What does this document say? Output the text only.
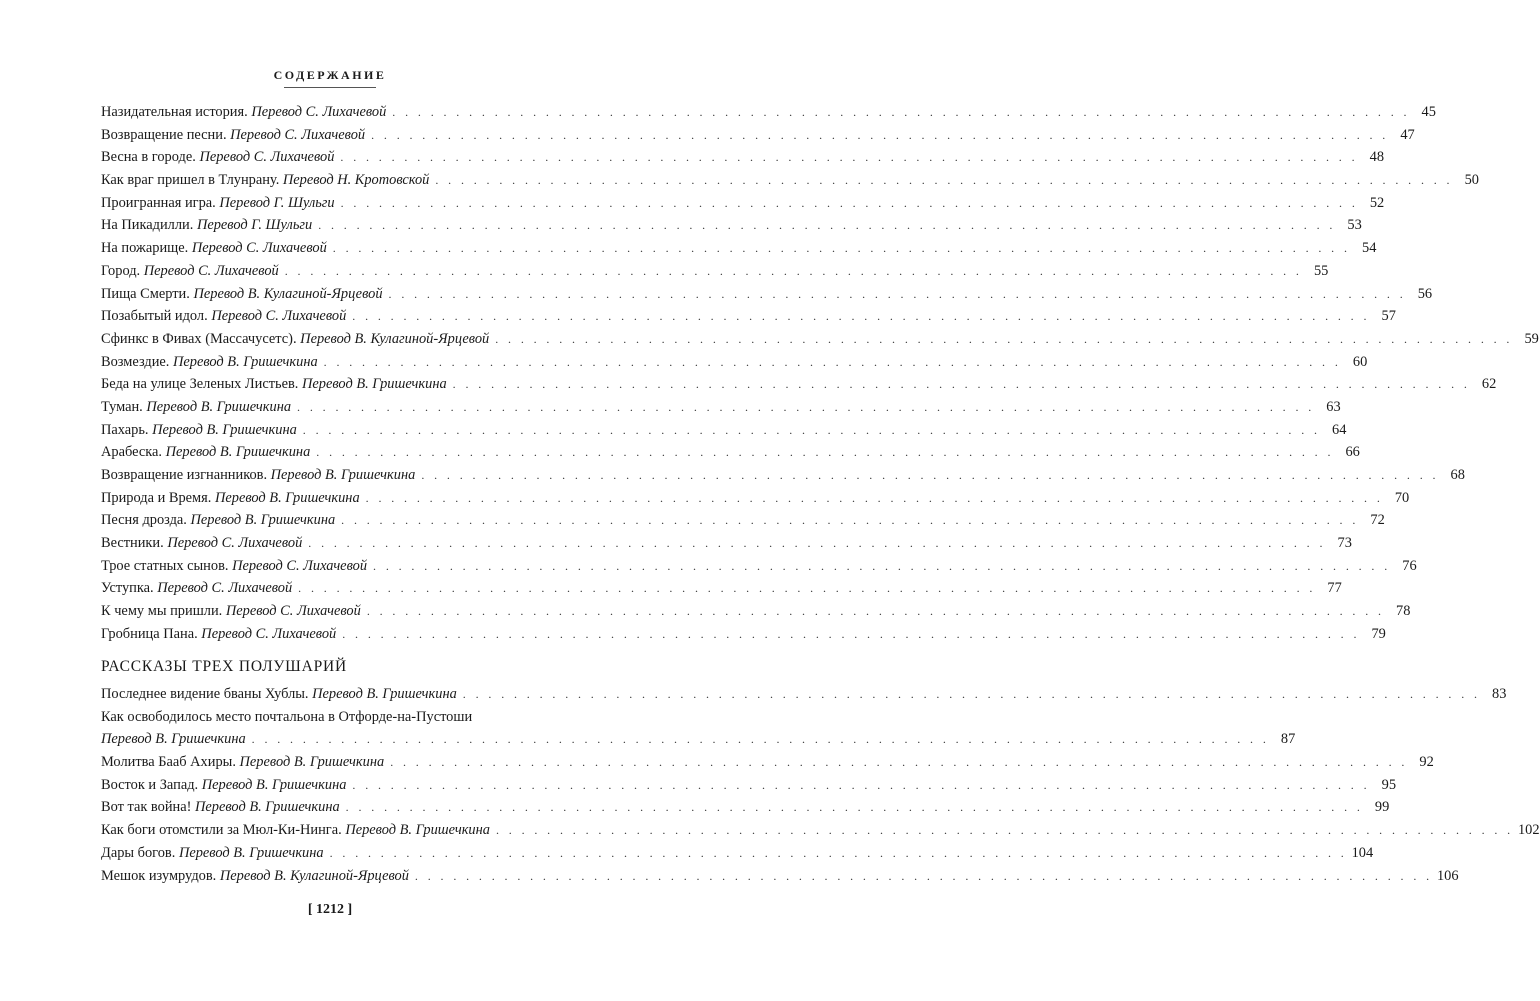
СОДЕРЖАНИЕ
Назидательная история. Перевод С. Лихачевой . . . . . . . . . . . . . . . . . . . . . . . . . . . . . . . . . . . . . . . . . . . . . . . . . . . . . . . . . . . . . . . . . . . . . . . . . . . . . . . . 45
Возвращение песни. Перевод С. Лихачевой . . . . . . . . . . . . . . . . . . . . . . . . . . . . . . . . . . . . . . . . . . . . . . . . . . . . . . . . . . . . . . . . . . . . . . . . . . . . . . . . 47
Весна в городе. Перевод С. Лихачевой . . . . . . . . . . . . . . . . . . . . . . . . . . . . . . . . . . . . . . . . . . . . . . . . . . . . . . . . . . . . . . . . . . . . . . . . . . . . . . . . 48
Как враг пришел в Тлунрану. Перевод Н. Кротовской . . . . . . . . . . . . . . . . . . . . . . . . . . . . . . . . . . . . . . . . . . . . . . . . . . . . . . . . . . . . . . . . . . . . . . . . . . . . . . . . 50
Проигранная игра. Перевод Г. Шульги . . . . . . . . . . . . . . . . . . . . . . . . . . . . . . . . . . . . . . . . . . . . . . . . . . . . . . . . . . . . . . . . . . . . . . . . . . . . . . . . 52
На Пикадилли. Перевод Г. Шульги . . . . . . . . . . . . . . . . . . . . . . . . . . . . . . . . . . . . . . . . . . . . . . . . . . . . . . . . . . . . . . . . . . . . . . . . . . . . . . . . 53
На пожарище. Перевод С. Лихачевой . . . . . . . . . . . . . . . . . . . . . . . . . . . . . . . . . . . . . . . . . . . . . . . . . . . . . . . . . . . . . . . . . . . . . . . . . . . . . . . . 54
Город. Перевод С. Лихачевой . . . . . . . . . . . . . . . . . . . . . . . . . . . . . . . . . . . . . . . . . . . . . . . . . . . . . . . . . . . . . . . . . . . . . . . . . . . . . . . . 55
Пища Смерти. Перевод В. Кулагиной-Ярцевой . . . . . . . . . . . . . . . . . . . . . . . . . . . . . . . . . . . . . . . . . . . . . . . . . . . . . . . . . . . . . . . . . . . . . . . . . . . . . . . . 56
Позабытый идол. Перевод С. Лихачевой . . . . . . . . . . . . . . . . . . . . . . . . . . . . . . . . . . . . . . . . . . . . . . . . . . . . . . . . . . . . . . . . . . . . . . . . . . . . . . . . 57
Сфинкс в Фивах (Массачусетс). Перевод В. Кулагиной-Ярцевой . . . . . . . . . . . . . . . . . . . . . . . . . . . . . . . . . . . . . . . . . . . . . . . . . . . . . . . . . . . . . . . . . . . . . . . . . . . . . . . . 59
Возмездие. Перевод В. Гришечкина . . . . . . . . . . . . . . . . . . . . . . . . . . . . . . . . . . . . . . . . . . . . . . . . . . . . . . . . . . . . . . . . . . . . . . . . . . . . . . . . 60
Беда на улице Зеленых Листьев. Перевод В. Гришечкина . . . . . . . . . . . . . . . . . . . . . . . . . . . . . . . . . . . . . . . . . . . . . . . . . . . . . . . . . . . . . . . . . . . . . . . . . . . . . . . . 62
Туман. Перевод В. Гришечкина . . . . . . . . . . . . . . . . . . . . . . . . . . . . . . . . . . . . . . . . . . . . . . . . . . . . . . . . . . . . . . . . . . . . . . . . . . . . . . . . 63
Пахарь. Перевод В. Гришечкина . . . . . . . . . . . . . . . . . . . . . . . . . . . . . . . . . . . . . . . . . . . . . . . . . . . . . . . . . . . . . . . . . . . . . . . . . . . . . . . . 64
Арабеска. Перевод В. Гришечкина . . . . . . . . . . . . . . . . . . . . . . . . . . . . . . . . . . . . . . . . . . . . . . . . . . . . . . . . . . . . . . . . . . . . . . . . . . . . . . . . 66
Возвращение изгнанников. Перевод В. Гришечкина . . . . . . . . . . . . . . . . . . . . . . . . . . . . . . . . . . . . . . . . . . . . . . . . . . . . . . . . . . . . . . . . . . . . . . . . . . . . . . . . 68
Природа и Время. Перевод В. Гришечкина . . . . . . . . . . . . . . . . . . . . . . . . . . . . . . . . . . . . . . . . . . . . . . . . . . . . . . . . . . . . . . . . . . . . . . . . . . . . . . . . 70
Песня дрозда. Перевод В. Гришечкина . . . . . . . . . . . . . . . . . . . . . . . . . . . . . . . . . . . . . . . . . . . . . . . . . . . . . . . . . . . . . . . . . . . . . . . . . . . . . . . . 72
Вестники. Перевод С. Лихачевой . . . . . . . . . . . . . . . . . . . . . . . . . . . . . . . . . . . . . . . . . . . . . . . . . . . . . . . . . . . . . . . . . . . . . . . . . . . . . . . . 73
Трое статных сынов. Перевод С. Лихачевой . . . . . . . . . . . . . . . . . . . . . . . . . . . . . . . . . . . . . . . . . . . . . . . . . . . . . . . . . . . . . . . . . . . . . . . . . . . . . . . . 76
Уступка. Перевод С. Лихачевой . . . . . . . . . . . . . . . . . . . . . . . . . . . . . . . . . . . . . . . . . . . . . . . . . . . . . . . . . . . . . . . . . . . . . . . . . . . . . . . . 77
К чему мы пришли. Перевод С. Лихачевой . . . . . . . . . . . . . . . . . . . . . . . . . . . . . . . . . . . . . . . . . . . . . . . . . . . . . . . . . . . . . . . . . . . . . . . . . . . . . . . . 78
Гробница Пана. Перевод С. Лихачевой . . . . . . . . . . . . . . . . . . . . . . . . . . . . . . . . . . . . . . . . . . . . . . . . . . . . . . . . . . . . . . . . . . . . . . . . . . . . . . . . 79
РАССКАЗЫ ТРЕХ ПОЛУШАРИЙ
Последнее видение бваны Хублы. Перевод В. Гришечкина . . . . . . . . . . . . . . . . . . . . . . . . . . . . . . . . . . . . . . . . . . . . . . . . . . . . . . . . . . . . . . . . . . . . . . . . . . . . . . . . 83
Как освободилось место почтальона в Отфорде-на-Пустоши
Перевод В. Гришечкина . . . . . . . . . . . . . . . . . . . . . . . . . . . . . . . . . . . . . . . . . . . . . . . . . . . . . . . . . . . . . . . . . . . . . . . . . . . . . . . . 87
Молитва Бааб Ахиры. Перевод В. Гришечкина . . . . . . . . . . . . . . . . . . . . . . . . . . . . . . . . . . . . . . . . . . . . . . . . . . . . . . . . . . . . . . . . . . . . . . . . . . . . . . . . 92
Восток и Запад. Перевод В. Гришечкина . . . . . . . . . . . . . . . . . . . . . . . . . . . . . . . . . . . . . . . . . . . . . . . . . . . . . . . . . . . . . . . . . . . . . . . . . . . . . . . . 95
Вот так война! Перевод В. Гришечкина . . . . . . . . . . . . . . . . . . . . . . . . . . . . . . . . . . . . . . . . . . . . . . . . . . . . . . . . . . . . . . . . . . . . . . . . . . . . . . . . 99
Как боги отомстили за Мюл-Ки-Нинга. Перевод В. Гришечкина . . . . . . . . . . . . . . . . . . . . . . . . . . . . . . . . . . . . . . . . . . . . . . . . . . . . . . . . . . . . . . . . . . . . . . . . . . . . . . . . 102
Дары богов. Перевод В. Гришечкина . . . . . . . . . . . . . . . . . . . . . . . . . . . . . . . . . . . . . . . . . . . . . . . . . . . . . . . . . . . . . . . . . . . . . . . . . . . . . . . . 104
Мешок изумрудов. Перевод В. Кулагиной-Ярцевой . . . . . . . . . . . . . . . . . . . . . . . . . . . . . . . . . . . . . . . . . . . . . . . . . . . . . . . . . . . . . . . . . . . . . . . . . . . . . . . . 106
[ 1212 ]
